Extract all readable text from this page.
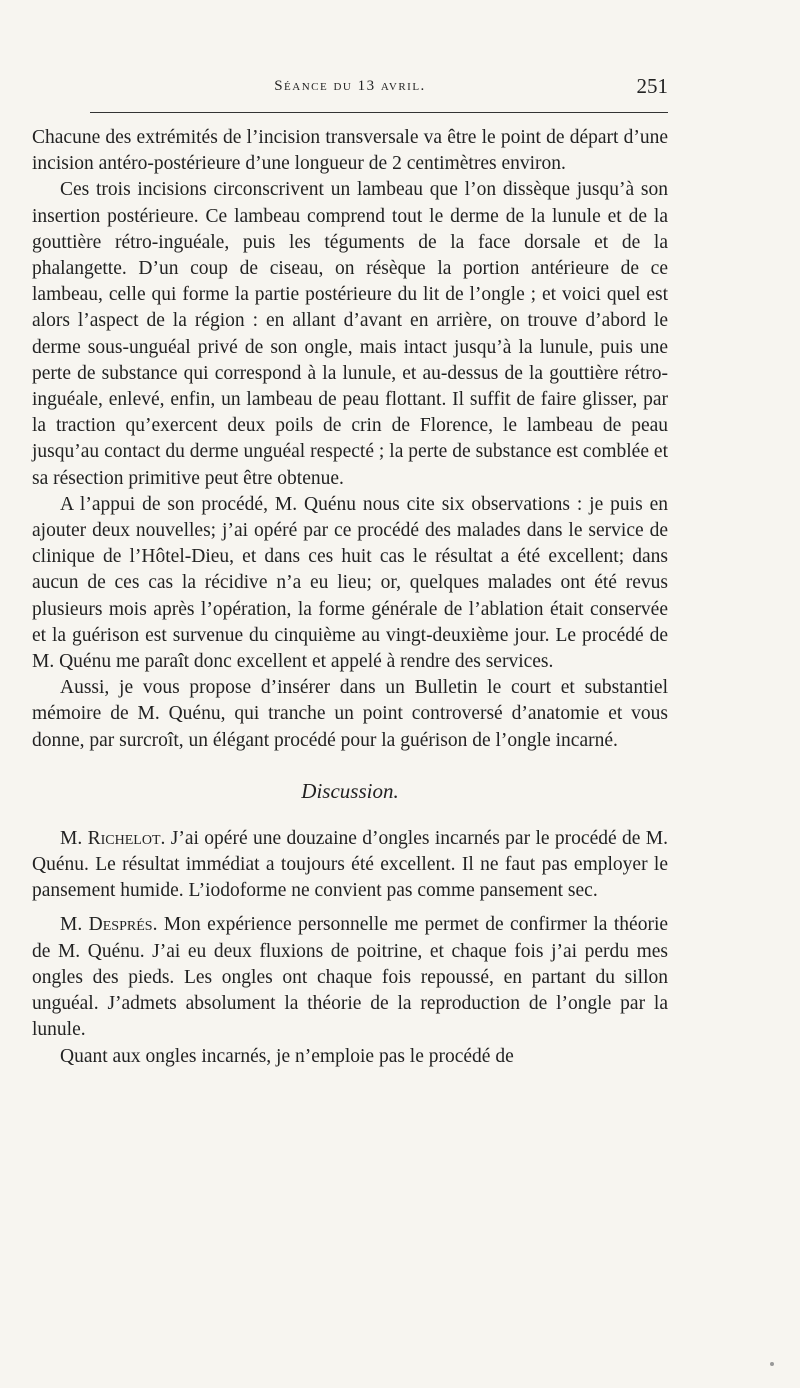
Séance du 13 avril.	251

Chacune des extrémités de l’incision transversale va être le point de départ d’une incision antéro-postérieure d’une longueur de 2 centimètres environ.

Ces trois incisions circonscrivent un lambeau que l’on dissèque jusqu’à son insertion postérieure. Ce lambeau comprend tout le derme de la lunule et de la gouttière rétro-inguéale, puis les téguments de la face dorsale et de la phalangette. D’un coup de ciseau, on résèque la portion antérieure de ce lambeau, celle qui forme la partie postérieure du lit de l’ongle ; et voici quel est alors l’aspect de la région : en allant d’avant en arrière, on trouve d’abord le derme sous-unguéal privé de son ongle, mais intact jusqu’à la lunule, puis une perte de substance qui correspond à la lunule, et au-dessus de la gouttière rétro-inguéale, enlevé, enfin, un lambeau de peau flottant. Il suffit de faire glisser, par la traction qu’exercent deux poils de crin de Florence, le lambeau de peau jusqu’au contact du derme unguéal respecté ; la perte de substance est comblée et sa résection primitive peut être obtenue.

A l’appui de son procédé, M. Quénu nous cite six observations : je puis en ajouter deux nouvelles; j’ai opéré par ce procédé des malades dans le service de clinique de l’Hôtel-Dieu, et dans ces huit cas le résultat a été excellent; dans aucun de ces cas la récidive n’a eu lieu; or, quelques malades ont été revus plusieurs mois après l’opération, la forme générale de l’ablation était conservée et la guérison est survenue du cinquième au vingt-deuxième jour. Le procédé de M. Quénu me paraît donc excellent et appelé à rendre des services.

Aussi, je vous propose d’insérer dans un Bulletin le court et substantiel mémoire de M. Quénu, qui tranche un point controversé d’anatomie et vous donne, par surcroît, un élégant procédé pour la guérison de l’ongle incarné.

Discussion.

M. Richelot. J’ai opéré une douzaine d’ongles incarnés par le procédé de M. Quénu. Le résultat immédiat a toujours été excellent. Il ne faut pas employer le pansement humide. L’iodoforme ne convient pas comme pansement sec.

M. Després. Mon expérience personnelle me permet de confirmer la théorie de M. Quénu. J’ai eu deux fluxions de poitrine, et chaque fois j’ai perdu mes ongles des pieds. Les ongles ont chaque fois repoussé, en partant du sillon unguéal. J’admets absolument la théorie de la reproduction de l’ongle par la lunule.

Quant aux ongles incarnés, je n’emploie pas le procédé de
